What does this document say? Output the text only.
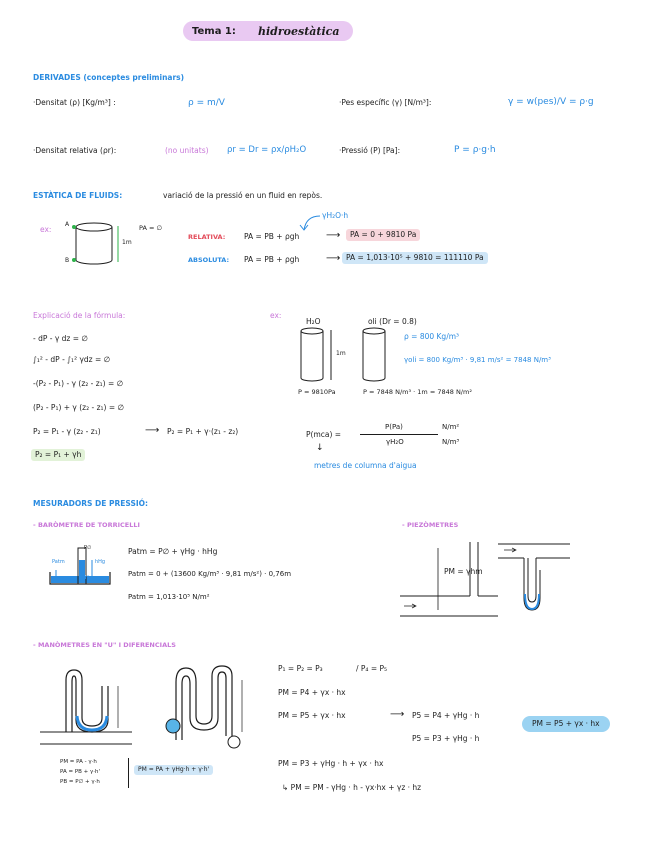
Tema 1: hidroestàtica
DERIVADES (conceptes preliminars)
·Densitat (ρ) [Kg/m³] :	ρ = m/V	·Pes específic (γ) [N/m³]:	γ = w(pes)/V = ρ·g
·Densitat relativa (ρr):	(no unitats) ρr = Dr = ρx/ρH₂O	·Pressió (P) [Pa]:	P = ρ·g·h
ESTÀTICA DE FLUIDS:	variació de la pressió en un fluid en repòs.
ex:
A
B
1m
PA = ∅
γH₂O·h
RELATIVA: PA = PB + ρgh	⟶	PA = 0 + 9810 Pa
ABSOLUTA: PA = PB + ρgh	⟶ PA = 1,013·10⁵ + 9810 = 111110 Pa
Explicació de la fórmula:
- dP - γ dz = ∅
∫₁² - dP - ∫₁² γdz = ∅
-(P₂ - P₁) - γ (z₂ - z₁) = ∅
(P₂ - P₁) + γ (z₂ - z₁) = ∅
P₂ = P₁ - γ (z₂ - z₁)	⟶ P₂ = P₁ + γ·(z₁ - z₂)
P₂ = P₁ + γh
ex:
H₂O	oli (Dr = 0.8)
1m
P = 9810Pa	P = 7848 N/m³ · 1m = 7848 N/m²
ρ = 800 Kg/m³
γoli = 800 Kg/m³ · 9,81 m/s² = 7848 N/m³
P(mca) =
P(Pa)
γH₂O
N/m²
N/m³
↓
metres de columna d'aigua
MESURADORS DE PRESSIÓ:
- BARÒMETRE DE TORRICELLI
Patm
P∅
hHg
Hg
Patm = P∅ + γHg · hHg
Patm = 0 + (13600 Kg/m³ · 9,81 m/s²) · 0,76m
Patm = 1,013·10⁵ N/m²
- PIEZÒMETRES
PM = γhm
- MANÒMETRES EN "U" I DIFERENCIALS
PM = PA - γ·h
PA = PB + γ·h'
PB = P∅ + γ·h
PM = PA + γHg·h + γ·h'
P₁ = P₂ = P₃	/ P₄ = P₅
PM = P4 + γx · hx
PM = P5 + γx · hx	⟶ P5 = P4 + γHg · h
P5 = P3 + γHg · h
PM = P3 + γHg · h + γx · hx
↳ PM = PM - γHg · h - γx·hx + γz · hz
PM = P5 + γx · hx
